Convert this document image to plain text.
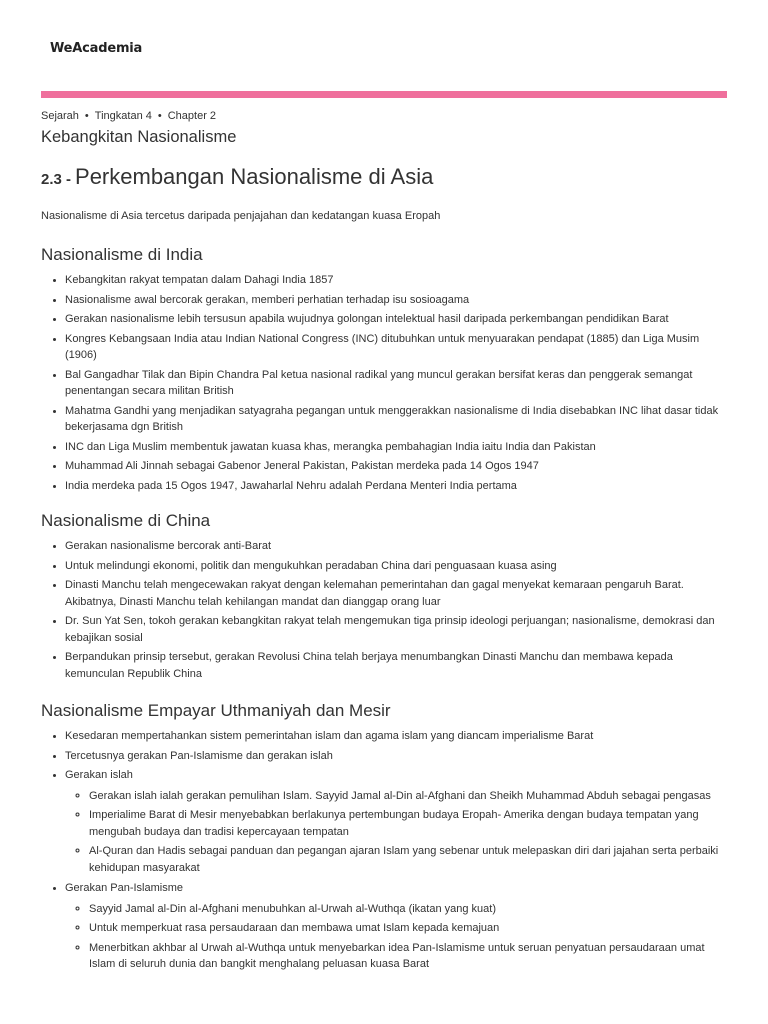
WeAcademia
Sejarah • Tingkatan 4 • Chapter 2
Kebangkitan Nasionalisme
2.3 - Perkembangan Nasionalisme di Asia
Nasionalisme di Asia tercetus daripada penjajahan dan kedatangan kuasa Eropah
Nasionalisme di India
• Kebangkitan rakyat tempatan dalam Dahagi India 1857
• Nasionalisme awal bercorak gerakan, memberi perhatian terhadap isu sosioagama
• Gerakan nasionalisme lebih tersusun apabila wujudnya golongan intelektual hasil daripada perkembangan pendidikan Barat
• Kongres Kebangsaan India atau Indian National Congress (INC) ditubuhkan untuk menyuarakan pendapat (1885) dan Liga Musim (1906)
• Bal Gangadhar Tilak dan Bipin Chandra Pal ketua nasional radikal yang muncul gerakan bersifat keras dan penggerak semangat penentangan secara militan British
• Mahatma Gandhi yang menjadikan satyagraha pegangan untuk menggerakkan nasionalisme di India disebabkan INC lihat dasar tidak bekerjasama dgn British
• INC dan Liga Muslim membentuk jawatan kuasa khas, merangka pembahagian India iaitu India dan Pakistan
• Muhammad Ali Jinnah sebagai Gabenor Jeneral Pakistan, Pakistan merdeka pada 14 Ogos 1947
• India merdeka pada 15 Ogos 1947, Jawaharlal Nehru adalah Perdana Menteri India pertama
Nasionalisme di China
• Gerakan nasionalisme bercorak anti-Barat
• Untuk melindungi ekonomi, politik dan mengukuhkan peradaban China dari penguasaan kuasa asing
• Dinasti Manchu telah mengecewakan rakyat dengan kelemahan pemerintahan dan gagal menyekat kemaraan pengaruh Barat. Akibatnya, Dinasti Manchu telah kehilangan mandat dan dianggap orang luar
• Dr. Sun Yat Sen, tokoh gerakan kebangkitan rakyat telah mengemukan tiga prinsip ideologi perjuangan; nasionalisme, demokrasi dan kebajikan sosial
• Berpandukan prinsip tersebut, gerakan Revolusi China telah berjaya menumbangkan Dinasti Manchu dan membawa kepada kemunculan Republik China
Nasionalisme Empayar Uthmaniyah dan Mesir
• Kesedaran mempertahankan sistem pemerintahan islam dan agama islam yang diancam imperialisme Barat
• Tercetusnya gerakan Pan-Islamisme dan gerakan islah
• Gerakan islah
◦ Gerakan islah ialah gerakan pemulihan Islam. Sayyid Jamal al-Din al-Afghani dan Sheikh Muhammad Abduh sebagai pengasas
◦ Imperialime Barat di Mesir menyebabkan berlakunya pertembungan budaya Eropah- Amerika dengan budaya tempatan yang mengubah budaya dan tradisi kepercayaan tempatan
◦ Al-Quran dan Hadis sebagai panduan dan pegangan ajaran Islam yang sebenar untuk melepaskan diri dari jajahan serta perbaiki kehidupan masyarakat
• Gerakan Pan-Islamisme
◦ Sayyid Jamal al-Din al-Afghani menubuhkan al-Urwah al-Wuthqa (ikatan yang kuat)
◦ Untuk memperkuat rasa persaudaraan dan membawa umat Islam kepada kemajuan
◦ Menerbitkan akhbar al Urwah al-Wuthqa untuk menyebarkan idea Pan-Islamisme untuk seruan penyatuan persaudaraan umat Islam di seluruh dunia dan bangkit menghalang peluasan kuasa Barat
